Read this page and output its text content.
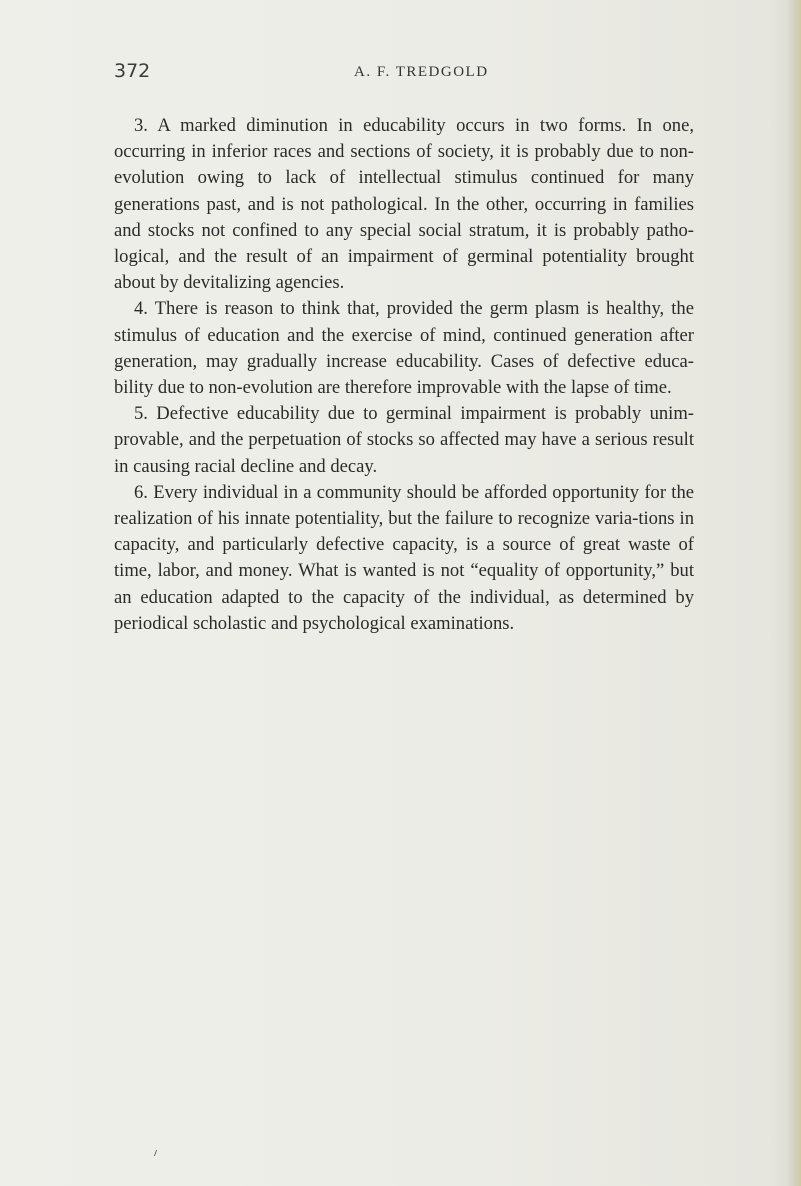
372	A. F. TREDGOLD

3. A marked diminution in educability occurs in two forms. In one, occurring in inferior races and sections of society, it is probably due to non-evolution owing to lack of intellectual stimulus continued for many generations past, and is not pathological. In the other, occurring in families and stocks not confined to any special social stratum, it is probably patho-logical, and the result of an impairment of germinal potentiality brought about by devitalizing agencies.

4. There is reason to think that, provided the germ plasm is healthy, the stimulus of education and the exercise of mind, continued generation after generation, may gradually increase educability. Cases of defective educa-bility due to non-evolution are therefore improvable with the lapse of time.

5. Defective educability due to germinal impairment is probably unim-provable, and the perpetuation of stocks so affected may have a serious result in causing racial decline and decay.

6. Every individual in a community should be afforded opportunity for the realization of his innate potentiality, but the failure to recognize varia-tions in capacity, and particularly defective capacity, is a source of great waste of time, labor, and money. What is wanted is not “equality of opportunity,” but an education adapted to the capacity of the individual, as determined by periodical scholastic and psychological examinations.
